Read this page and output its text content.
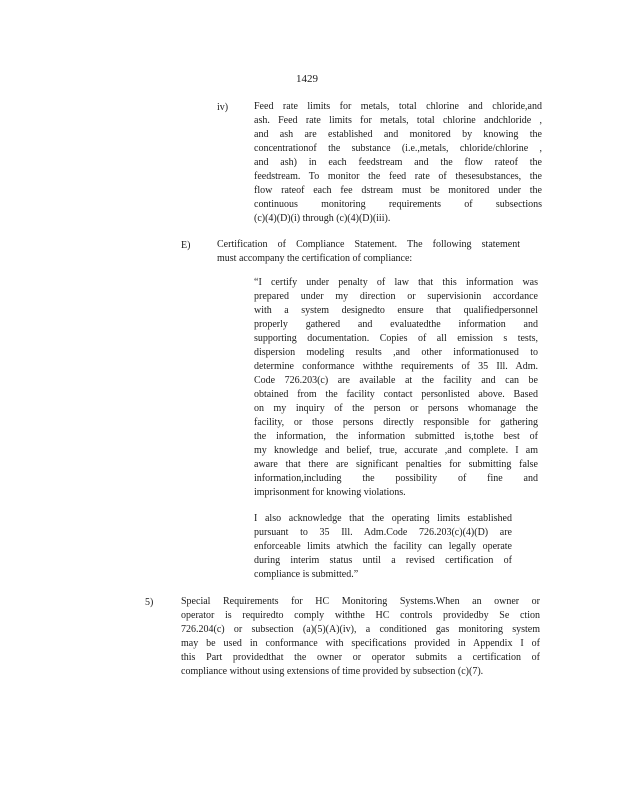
1429
iv)	Feed rate limits for metals, total chlorine and chloride,and
ash. Feed rate limits for metals, total chlorine andchloride ,
and ash are established and monitored by knowing the
concentrationof the substance (i.e.,metals, chloride/chlorine ,
and ash) in each feedstream and the flow rateof the
feedstream. To monitor the feed rate of thesesubstances, the
flow rateof each fee dstream must be monitored under the
continuous monitoring requirements of subsections
(c)(4)(D)(i) through (c)(4)(D)(iii).
E)	Certification of Compliance Statement. The following statement
must accompany the certification of compliance:
“I certify under penalty of law that this information was
prepared under my direction or supervisionin accordance
with a system designedto ensure that qualifiedpersonnel
properly gathered and evaluatedthe information and
supporting documentation. Copies of all emission s tests,
dispersion modeling results ,and other informationused to
determine conformance withthe requirements of 35 Ill. Adm.
Code 726.203(c) are available at the facility and can be
obtained from the facility contact personlisted above. Based
on my inquiry of the person or persons whomanage the
facility, or those persons directly responsible for gathering
the information, the information submitted is,tothe best of
my knowledge and belief, true, accurate ,and complete. I am
aware that there are significant penalties for submitting false
information,including the possibility of fine and
imprisonment for knowing violations.
I also acknowledge that the operating limits established
pursuant to 35 Ill. Adm.Code 726.203(c)(4)(D) are
enforceable limits atwhich the facility can legally operate
during interim status until a revised certification of
compliance is submitted.”
5)	Special Requirements for HC Monitoring Systems.When an owner or
operator is requiredto comply withthe HC controls providedby Se ction
726.204(c) or subsection (a)(5)(A)(iv), a conditioned gas monitoring system
may be used in conformance with specifications provided in Appendix I of
this Part providedthat the owner or operator submits a certification of
compliance without using extensions of time provided by subsection (c)(7).
